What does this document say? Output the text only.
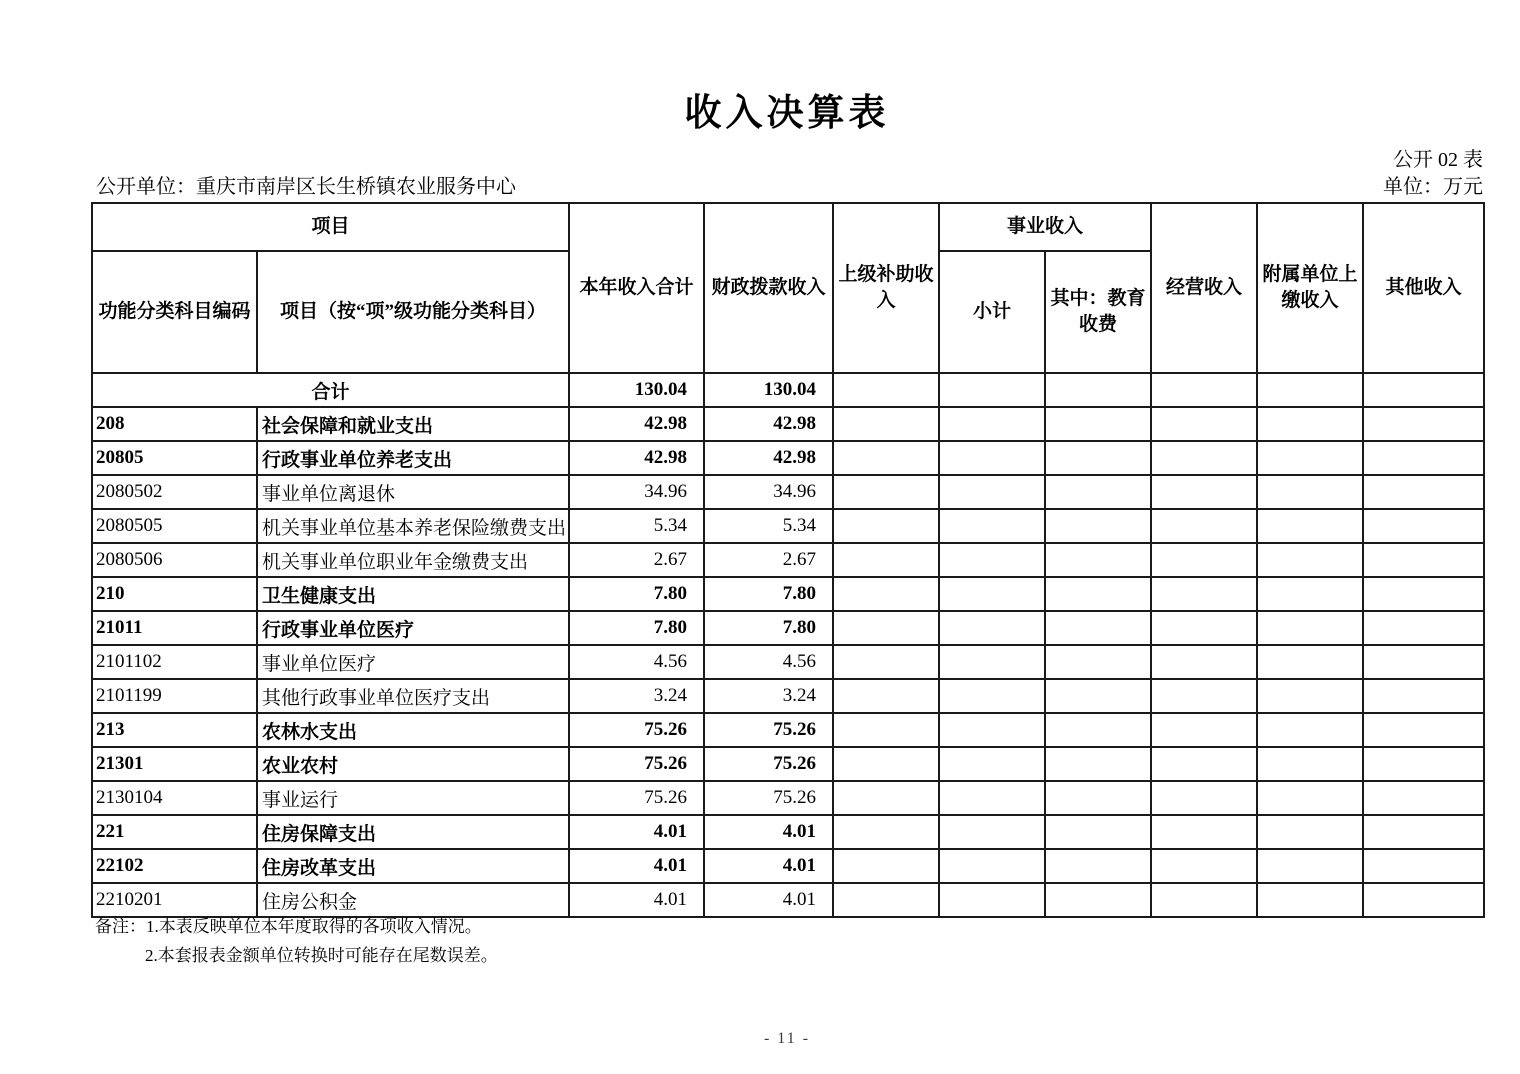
收入决算表
公开 02 表
公开单位：重庆市南岸区长生桥镇农业服务中心	单位：万元
项目		本年收入合计	财政拨款收入	上级补助收入	事业收入		经营收入	附属单位上缴收入	其他收入
功能分类科目编码	项目（按“项”级功能分类科目）				小计	其中：教育收费			
合计		130.04	130.04						
208	社会保障和就业支出	42.98	42.98						
20805	行政事业单位养老支出	42.98	42.98						
2080502	事业单位离退休	34.96	34.96						
2080505	机关事业单位基本养老保险缴费支出	5.34	5.34						
2080506	机关事业单位职业年金缴费支出	2.67	2.67						
210	卫生健康支出	7.80	7.80						
21011	行政事业单位医疗	7.80	7.80						
2101102	事业单位医疗	4.56	4.56						
2101199	其他行政事业单位医疗支出	3.24	3.24						
213	农林水支出	75.26	75.26						
21301	农业农村	75.26	75.26						
2130104	事业运行	75.26	75.26						
221	住房保障支出	4.01	4.01						
22102	住房改革支出	4.01	4.01						
2210201	住房公积金	4.01	4.01						
备注：1.本表反映单位本年度取得的各项收入情况。
2.本套报表金额单位转换时可能存在尾数误差。
- 11 -
